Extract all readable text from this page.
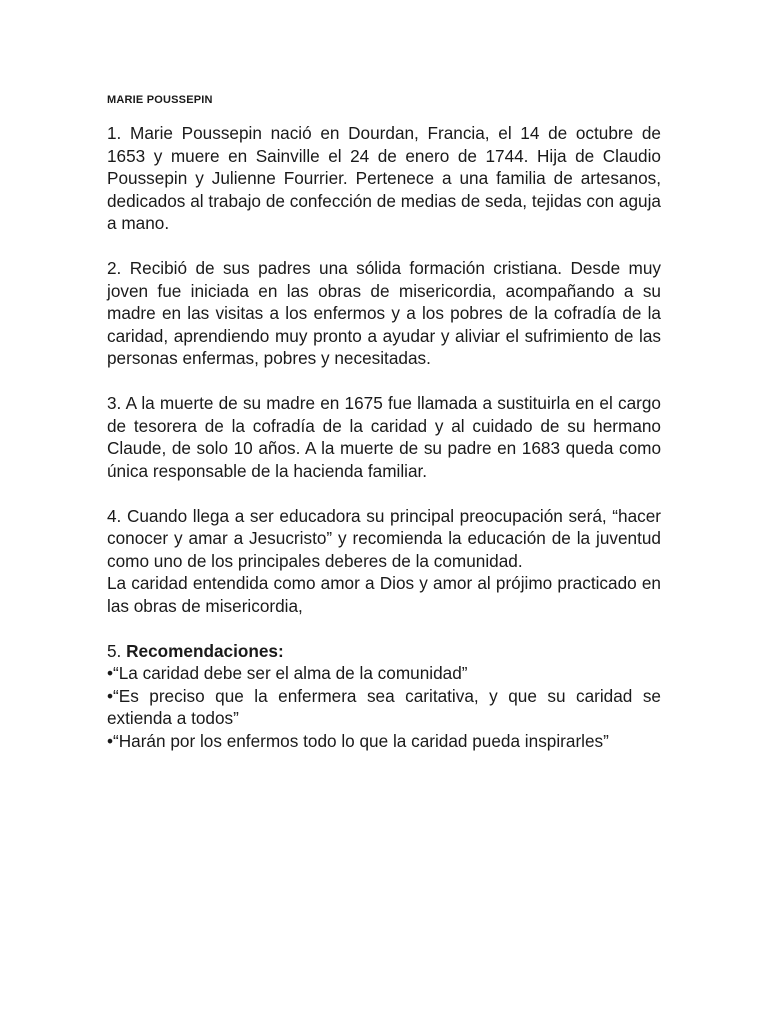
MARIE POUSSEPIN

1. Marie Poussepin nació en Dourdan, Francia, el 14 de octubre de 1653 y muere en Sainville el 24 de enero de 1744. Hija de Claudio Poussepin y Julienne Fourrier. Pertenece a una familia de artesanos, dedicados al trabajo de confección de medias de seda, tejidas con aguja a mano.

2. Recibió de sus padres una sólida formación cristiana. Desde muy joven fue iniciada en las obras de misericordia, acompañando a su madre en las visitas a los enfermos y a los pobres de la cofradía de la caridad, aprendiendo muy pronto a ayudar y aliviar el sufrimiento de las personas enfermas, pobres y necesitadas.

3. A la muerte de su madre en 1675 fue llamada a sustituirla en el cargo de tesorera de la cofradía de la caridad y al cuidado de su hermano Claude, de solo 10 años. A la muerte de su padre en 1683 queda como única responsable de la hacienda familiar.

4. Cuando llega a ser educadora su principal preocupación será, “hacer conocer y amar a Jesucristo” y recomienda la educación de la juventud como uno de los principales deberes de la comunidad.

La caridad entendida como amor a Dios y amor al prójimo practicado en las obras de misericordia,

5. Recomendaciones:

•“La caridad debe ser el alma de la comunidad”
•“Es preciso que la enfermera sea caritativa, y que su caridad se extienda a todos”
•“Harán por los enfermos todo lo que la caridad pueda inspirarles”
